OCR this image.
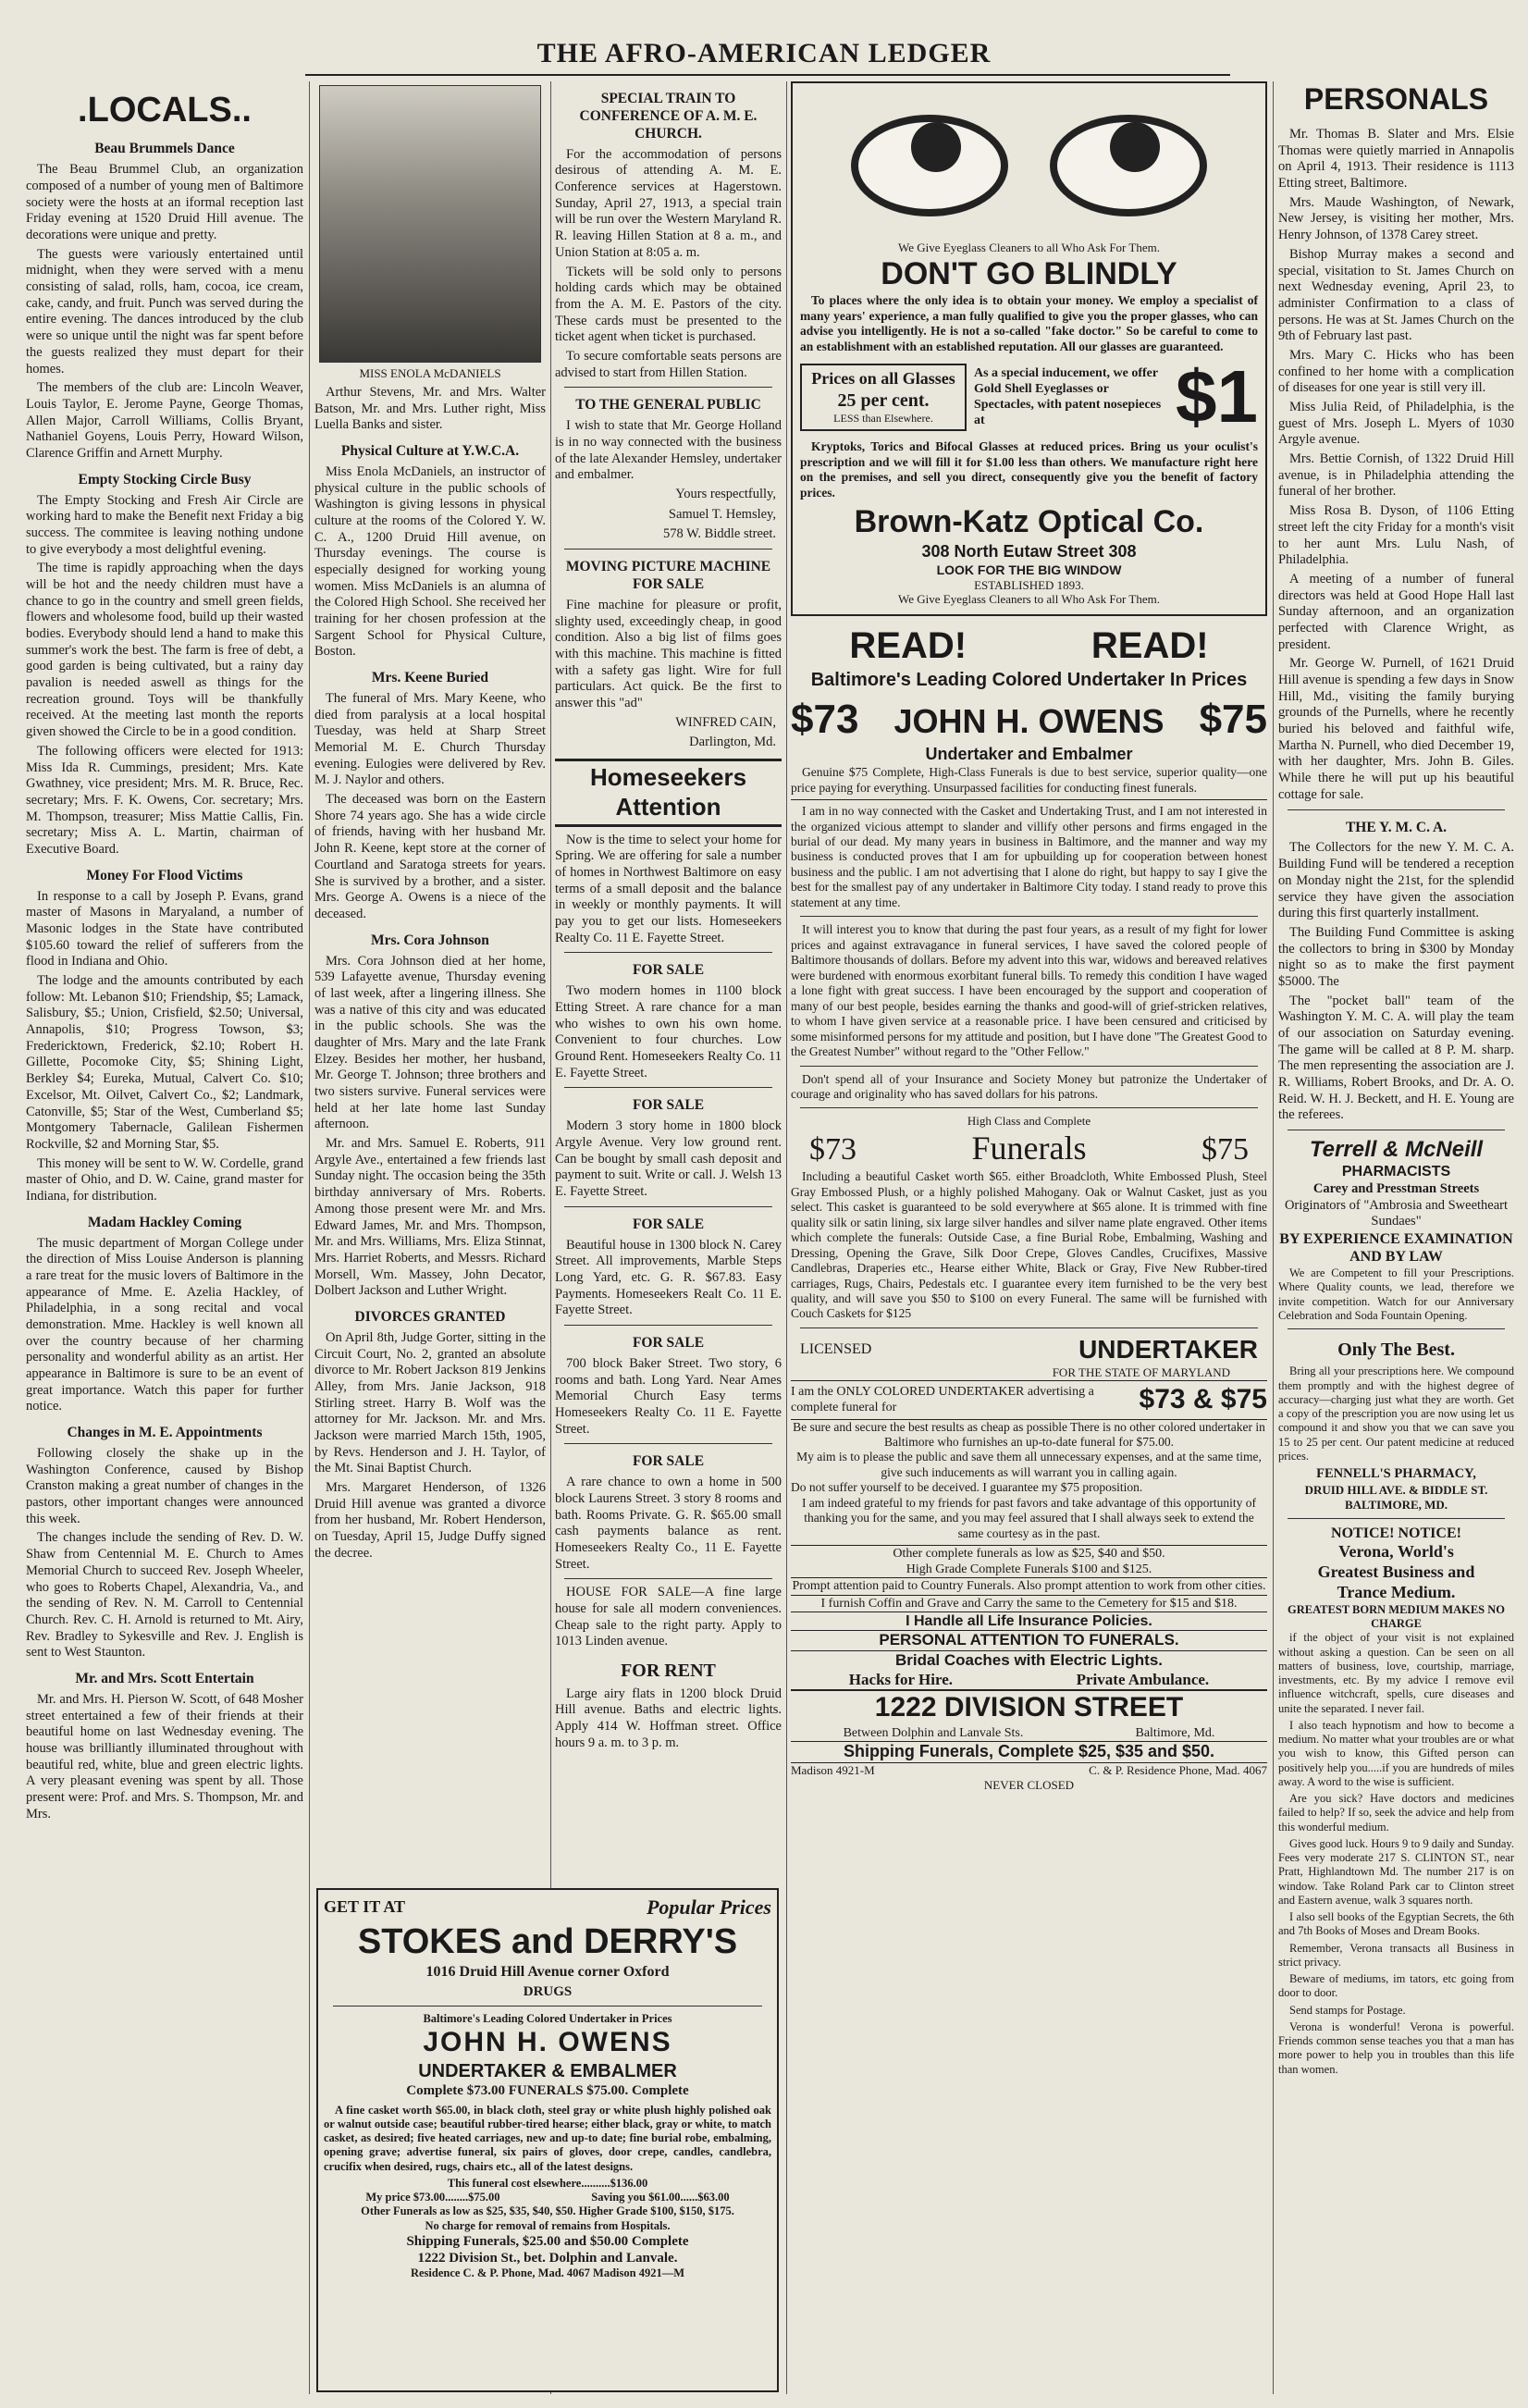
THE AFRO-AMERICAN LEDGER
.LOCALS..
Beau Brummels Dance

The Beau Brummel Club, an organization composed of a number of young men of Baltimore society were the hosts at an iformal reception last Friday evening at 1520 Druid Hill avenue. The decorations were unique and pretty.

The guests were variously entertained until midnight, when they were served with a menu consisting of salad, rolls, ham, cocoa, ice cream, cake, candy, and fruit. Punch was served during the entire evening. The dances introduced by the club were so unique until the night was far spent before the guests realized they must depart for their homes.

The members of the club are: Lincoln Weaver, Louis Taylor, E. Jerome Payne, George Thomas, Allen Major, Carroll Williams, Collis Bryant, Nathaniel Goyens, Louis Perry, Howard Wilson, Clarence Griffin and Arnett Murphy.

Empty Stocking Circle Busy

The Empty Stocking and Fresh Air Circle are working hard to make the Benefit next Friday a big success. The commitee is leaving nothing undone to give everybody a most delightful evening.

The time is rapidly approaching when the days will be hot and the needy children must have a chance to go in the country and smell green fields, flowers and wholesome food, build up their wasted bodies. Everybody should lend a hand to make this summer's work the best. The farm is free of debt, a good garden is being cultivated, but a rainy day pavalion is needed aswell as things for the recreation ground. Toys will be thankfully received. At the meeting last month the reports given showed the Circle to be in a good condition.

The following officers were elected for 1913: Miss Ida R. Cummings, president; Mrs. Kate Gwathney, vice president; Mrs. M. R. Bruce, Rec. secretary; Mrs. F. K. Owens, Cor. secretary; Mrs. M. Thompson, treasurer; Miss Mattie Callis, Fin. secretary; Miss A. L. Martin, chairman of Executive Board.

Money For Flood Victims

In response to a call by Joseph P. Evans, grand master of Masons in Maryaland, a number of Masonic lodges in the State have contributed $105.60 toward the relief of sufferers from the flood in Indiana and Ohio.

The lodge and the amounts contributed by each follow: Mt. Lebanon $10; Friendship, $5; Lamack, Salisbury, $5.; Union, Crisfield, $2.50; Universal, Annapolis, $10; Progress Towson, $3; Fredericktown, Frederick, $2.10; Robert H. Gillette, Pocomoke City, $5; Shining Light, Berkley $4; Eureka, Mutual, Calvert Co. $10; Excelsor, Mt. Oilvet, Calvert Co., $2; Landmark, Catonville, $5; Star of the West, Cumberland $5; Montgomery Tabernacle, Galilean Fishermen Rockville, $2 and Morning Star, $5.

This money will be sent to W. W. Cordelle, grand master of Ohio, and D. W. Caine, grand master for Indiana, for distribution.

Madam Hackley Coming

The music department of Morgan College under the direction of Miss Louise Anderson is planning a rare treat for the music lovers of Baltimore in the appearance of Mme. E. Azelia Hackley, of Philadelphia, in a song recital and vocal demonstration. Mme. Hackley is well known all over the country because of her charming personality and wonderful ability as an artist. Her appearance in Baltimore is sure to be an event of great importance. Watch this paper for further notice.

Changes in M. E. Appointments

Following closely the shake up in the Washington Conference, caused by Bishop Cranston making a great number of changes in the pastors, other important changes were announced this week.

The changes include the sending of Rev. D. W. Shaw from Centennial M. E. Church to Ames Memorial Church to succeed Rev. Joseph Wheeler, who goes to Roberts Chapel, Alexandria, Va., and the sending of Rev. N. M. Carroll to Centennial Church. Rev. C. H. Arnold is returned to Mt. Airy, Rev. Bradley to Sykesville and Rev. J. English is sent to West Staunton.

Mr. and Mrs. Scott Entertain

Mr. and Mrs. H. Pierson W. Scott, of 648 Mosher street entertained a few of their friends at their beautiful home on last Wednesday evening. The house was brilliantly illuminated throughout with beautiful red, white, blue and green electric lights. A very pleasant evening was spent by all. Those present were: Prof. and Mrs. S. Thompson, Mr. and Mrs.

MISS ENOLA McDANIELS

Arthur Stevens, Mr. and Mrs. Walter Batson, Mr. and Mrs. Luther right, Miss Luella Banks and sister.

Physical Culture at Y.W.C.A.

Miss Enola McDaniels, an instructor of physical culture in the public schools of Washington is giving lessons in physical culture at the rooms of the Colored Y. W. C. A., 1200 Druid Hill avenue, on Thursday evenings. The course is especially designed for working young women. Miss McDaniels is an alumna of the Colored High School. She received her training for her chosen profession at the Sargent School for Physical Culture, Boston.

Mrs. Keene Buried

The funeral of Mrs. Mary Keene, who died from paralysis at a local hospital Tuesday, was held at Sharp Street Memorial M. E. Church Thursday evening. Eulogies were delivered by Rev. M. J. Naylor and others.

The deceased was born on the Eastern Shore 74 years ago. She has a wide circle of friends, having with her husband Mr. John R. Keene, kept store at the corner of Courtland and Saratoga streets for years. She is survived by a brother, and a sister. Mrs. George A. Owens is a niece of the deceased.

Mrs. Cora Johnson

Mrs. Cora Johnson died at her home, 539 Lafayette avenue, Thursday evening of last week, after a lingering illness. She was a native of this city and was educated in the public schools. She was the daughter of Mrs. Mary and the late Frank Elzey. Besides her mother, her husband, Mr. George T. Johnson; three brothers and two sisters survive. Funeral services were held at her late home last Sunday afternoon.

Mr. and Mrs. Samuel E. Roberts, 911 Argyle Ave., entertained a few friends last Sunday night. The occasion being the 35th birthday anniversary of Mrs. Roberts. Among those present were Mr. and Mrs. Edward James, Mr. and Mrs. Thompson, Mr. and Mrs. Williams, Mrs. Eliza Stinnat, Mrs. Harriet Roberts, and Messrs. Richard Morsell, Wm. Massey, John Decator, Dolbert Jackson and Luther Wright.

DIVORCES GRANTED

On April 8th, Judge Gorter, sitting in the Circuit Court, No. 2, granted an absolute divorce to Mr. Robert Jackson 819 Jenkins Alley, from Mrs. Janie Jackson, 918 Stirling street. Harry B. Wolf was the attorney for Mr. Jackson. Mr. and Mrs. Jackson were married March 15th, 1905, by Revs. Henderson and J. H. Taylor, of the Mt. Sinai Baptist Church.

Mrs. Margaret Henderson, of 1326 Druid Hill avenue was granted a divorce from her husband, Mr. Robert Henderson, on Tuesday, April 15, Judge Duffy signed the decree.

SPECIAL TRAIN TO CONFERENCE OF A. M. E. CHURCH.

For the accommodation of persons desirous of attending A. M. E. Conference services at Hagerstown. Sunday, April 27, 1913, a special train will be run over the Western Maryland R. R. leaving Hillen Station at 8 a. m., and Union Station at 8:05 a. m.

Tickets will be sold only to persons holding cards which may be obtained from the A. M. E. Pastors of the city. These cards must be presented to the ticket agent when ticket is purchased.

To secure comfortable seats persons are advised to start from Hillen Station.

TO THE GENERAL PUBLIC

I wish to state that Mr. George Holland is in no way connected with the business of the late Alexander Hemsley, undertaker and embalmer.

Yours respectfully,
Samuel T. Hemsley,
578 W. Biddle street.
MOVING PICTURE MACHINE FOR SALE

Fine machine for pleasure or profit, slighty used, exceedingly cheap, in good condition. Also a big list of films goes with this machine. This machine is fitted with a safety gas light. Wire for full particulars. Act quick. Be the first to answer this "ad"

WINFRED CAIN,
Darlington, Md.
Homeseekers Attention

Now is the time to select your home for Spring. We are offering for sale a number of homes in Northwest Baltimore on easy terms of a small deposit and the balance in weekly or monthly payments. It will pay you to get our lists. Homeseekers Realty Co. 11 E. Fayette Street.

FOR SALE

Two modern homes in 1100 block Etting Street. A rare chance for a man who wishes to own his own home. Convenient to four churches. Low Ground Rent. Homeseekers Realty Co. 11 E. Fayette Street.

FOR SALE

Modern 3 story home in 1800 block Argyle Avenue. Very low ground rent. Can be bought by small cash deposit and payment to suit. Write or call. J. Welsh 13 E. Fayette Street.

FOR SALE

Beautiful house in 1300 block N. Carey Street. All improvements, Marble Steps Long Yard, etc. G. R. $67.83. Easy Payments. Homeseekers Realt Co. 11 E. Fayette Street.

FOR SALE

700 block Baker Street. Two story, 6 rooms and bath. Long Yard. Near Ames Memorial Church Easy terms Homeseekers Realty Co. 11 E. Fayette Street.

FOR SALE

A rare chance to own a home in 500 block Laurens Street. 3 story 8 rooms and bath. Rooms Private. G. R. $65.00 small cash payments balance as rent. Homeseekers Realty Co., 11 E. Fayette Street.

HOUSE FOR SALE—A fine large house for sale all modern conveniences. Cheap sale to the right party. Apply to 1013 Linden avenue.

FOR RENT

Large airy flats in 1200 block Druid Hill avenue. Baths and electric lights. Apply 414 W. Hoffman street. Office hours 9 a. m. to 3 p. m.

GET IT AT	Popular Prices
STOKES and DERRY'S
1016 Druid Hill Avenue corner Oxford
DRUGS
Baltimore's Leading Colored Undertaker in Prices
JOHN H. OWENS
UNDERTAKER & EMBALMER
Complete $73.00 FUNERALS $75.00. Complete

A fine casket worth $65.00, in black cloth, steel gray or white plush highly polished oak or walnut outside case; beautiful rubber-tired hearse; either black, gray or white, to match casket, as desired; five heated carriages, new and up-to date; fine burial robe, embalming, opening grave; advertise funeral, six pairs of gloves, door crepe, candles, candlebra, crucifix when desired, rugs, chairs etc., all of the latest designs.

This funeral cost elsewhere..........$136.00
My price $73.00........$75.00	Saving you $61.00......$63.00
Other Funerals as low as $25, $35, $40, $50. Higher Grade $100, $150, $175.
No charge for removal of remains from Hospitals.
Shipping Funerals, $25.00 and $50.00 Complete
1222 Division St., bet. Dolphin and Lanvale.
Residence C. & P. Phone, Mad. 4067 Madison 4921—M
We Give Eyeglass Cleaners to all Who Ask For Them.
DON'T GO BLINDLY

To places where the only idea is to obtain your money. We employ a specialist of many years' experience, a man fully qualified to give you the proper glasses, who can advise you intelligently. He is not a so-called "fake doctor." So be careful to come to an establishment with an established reputation. All our glasses are guaranteed.

Prices on all Glasses
25 per cent.
LESS than Elsewhere.
As a special inducement, we offer Gold Shell Eyeglasses or Spectacles, with patent nosepieces at	$1

Kryptoks, Torics and Bifocal Glasses at reduced prices. Bring us your oculist's prescription and we will fill it for $1.00 less than others. We manufacture right here on the premises, and sell you direct, consequently give you the benefit of factory prices.

Brown-Katz Optical Co.
308 North Eutaw Street 308
LOOK FOR THE BIG WINDOW
ESTABLISHED 1893.
We Give Eyeglass Cleaners to all Who Ask For Them.
READ!	READ!
Baltimore's Leading Colored Undertaker In Prices
$73 JOHN H. OWENS $75
Undertaker and Embalmer

Genuine $75 Complete, High-Class Funerals is due to best service, superior quality—one price paying for everything. Unsurpassed facilities for conducting finest funerals.

I am in no way connected with the Casket and Undertaking Trust, and I am not interested in the organized vicious attempt to slander and villify other persons and firms engaged in the burial of our dead. My many years in business in Baltimore, and the manner and way my business is conducted proves that I am for upbuilding up for cooperation between honest business and the public. I am not advertising that I alone do right, but happy to say I give the best for the smallest pay of any undertaker in Baltimore City today. I stand ready to prove this statement at any time.

It will interest you to know that during the past four years, as a result of my fight for lower prices and against extravagance in funeral services, I have saved the colored people of Baltimore thousands of dollars. Before my advent into this war, widows and bereaved relatives were burdened with enormous exorbitant funeral bills. To remedy this condition I have waged a lone fight with great success. I have been encouraged by the support and cooperation of many of our best people, besides earning the thanks and good-will of grief-stricken relatives, to whom I have given service at a reasonable price. I have been censured and criticised by some misinformed persons for my attitude and position, but I have done "The Greatest Good to the Greatest Number" without regard to the "Other Fellow."

Don't spend all of your Insurance and Society Money but patronize the Undertaker of courage and originality who has saved dollars for his patrons.

High Class and Complete
$73	Funerals	$75

Including a beautiful Casket worth $65. either Broadcloth, White Embossed Plush, Steel Gray Embossed Plush, or a highly polished Mahogany. Oak or Walnut Casket, just as you select. This casket is guaranteed to be sold everywhere at $65 alone. It is trimmed with fine quality silk or satin lining, six large silver handles and silver name plate engraved. Other items which complete the funerals: Outside Case, a fine Burial Robe, Embalming, Washing and Dressing, Opening the Grave, Silk Door Crepe, Gloves Candles, Crucifixes, Massive Candlebras, Draperies etc., Hearse either White, Black or Gray, Five New Rubber-tired carriages, Rugs, Chairs, Pedestals etc. I guarantee every item furnished to be the very best quality, and will save you $50 to $100 on every Funeral. The same will be furnished with Couch Caskets for $125

LICENSED	UNDERTAKER
FOR THE STATE OF MARYLAND
I am the ONLY COLORED UNDERTAKER advertising a complete funeral for	$73 & $75

Be sure and secure the best results as cheap as possible There is no other colored undertaker in Baltimore who furnishes an up-to-date funeral for $75.00.

My aim is to please the public and save them all unnecessary expenses, and at the same time, give such inducements as will warrant you in calling again.

Do not suffer yourself to be deceived. I guarantee my $75 proposition.

I am indeed grateful to my friends for past favors and take advantage of this opportunity of thanking you for the same, and you may feel assured that I shall always seek to extend the same courtesy as in the past.

Other complete funerals as low as $25, $40 and $50.
High Grade Complete Funerals $100 and $125.
Prompt attention paid to Country Funerals. Also prompt attention to work from other cities.
I furnish Coffin and Grave and Carry the same to the Cemetery for $15 and $18.
I Handle all Life Insurance Policies.
PERSONAL ATTENTION TO FUNERALS.
Bridal Coaches with Electric Lights.
Hacks for Hire.	Private Ambulance.
1222 DIVISION STREET
Between Dolphin and Lanvale Sts.	Baltimore, Md.
Shipping Funerals, Complete $25, $35 and $50.
Madison 4921-M	C. & P. Residence Phone, Mad. 4067
NEVER CLOSED
PERSONALS

Mr. Thomas B. Slater and Mrs. Elsie Thomas were quietly married in Annapolis on April 4, 1913. Their residence is 1113 Etting street, Baltimore.

Mrs. Maude Washington, of Newark, New Jersey, is visiting her mother, Mrs. Henry Johnson, of 1378 Carey street.

Bishop Murray makes a second and special, visitation to St. James Church on next Wednesday evening, April 23, to administer Confirmation to a class of persons. He was at St. James Church on the 9th of February last past.

Mrs. Mary C. Hicks who has been confined to her home with a complication of diseases for one year is still very ill.

Miss Julia Reid, of Philadelphia, is the guest of Mrs. Joseph L. Myers of 1030 Argyle avenue.

Mrs. Bettie Cornish, of 1322 Druid Hill avenue, is in Philadelphia attending the funeral of her brother.

Miss Rosa B. Dyson, of 1106 Etting street left the city Friday for a month's visit to her aunt Mrs. Lulu Nash, of Philadelphia.

A meeting of a number of funeral directors was held at Good Hope Hall last Sunday afternoon, and an organization perfected with Clarence Wright, as president.

Mr. George W. Purnell, of 1621 Druid Hill avenue is spending a few days in Snow Hill, Md., visiting the family burying grounds of the Purnells, where he recently buried his beloved and faithful wife, Martha N. Purnell, who died December 19, with her daughter, Mrs. John B. Giles. While there he will put up his beautiful cottage for sale.

THE Y. M. C. A.

The Collectors for the new Y. M. C. A. Building Fund will be tendered a reception on Monday night the 21st, for the splendid service they have given the association during this first quarterly installment.

The Building Fund Committee is asking the collectors to bring in $300 by Monday night so as to make the first payment $5000. The

The "pocket ball" team of the Washington Y. M. C. A. will play the team of our association on Saturday evening. The game will be called at 8 P. M. sharp. The men representing the association are J. R. Williams, Robert Brooks, and Dr. A. O. Reid. W. H. J. Beckett, and H. E. Young are the referees.

Terrell & McNeill
PHARMACISTS
Carey and Presstman Streets
Originators of "Ambrosia and Sweetheart Sundaes"
BY EXPERIENCE EXAMINATION AND BY LAW

We are Competent to fill your Prescriptions. Where Quality counts, we lead, therefore we invite competition. Watch for our Anniversary Celebration and Soda Fountain Opening.

Only The Best.

Bring all your prescriptions here. We compound them promptly and with the highest degree of accuracy—charging just what they are worth. Get a copy of the prescription you are now using let us compound it and show you that we can save you 15 to 25 per cent. Our patent medicine at reduced prices.

FENNELL'S PHARMACY,
DRUID HILL AVE. & BIDDLE ST.
BALTIMORE, MD.
NOTICE! NOTICE!
Verona, World's
Greatest Business and
Trance Medium.
GREATEST BORN MEDIUM MAKES NO CHARGE

if the object of your visit is not explained without asking a question. Can be seen on all matters of business, love, courtship, marriage, investments, etc. By my advice I remove evil influence witchcraft, spells, cure diseases and unite the separated. I never fail.

I also teach hypnotism and how to become a medium. No matter what your troubles are or what you wish to know, this Gifted person can positively help you.....if you are hundreds of miles away. A word to the wise is sufficient.

Are you sick? Have doctors and medicines failed to help? If so, seek the advice and help from this wonderful medium.

Gives good luck. Hours 9 to 9 daily and Sunday. Fees very moderate 217 S. CLINTON ST., near Pratt, Highlandtown Md. The number 217 is on window. Take Roland Park car to Clinton street and Eastern avenue, walk 3 squares north.

I also sell books of the Egyptian Secrets, the 6th and 7th Books of Moses and Dream Books.

Remember, Verona transacts all Business in strict privacy.

Beware of mediums, im tators, etc going from door to door.

Send stamps for Postage.

Verona is wonderful! Verona is powerful. Friends common sense teaches you that a man has more power to help you in troubles than this life than women.
